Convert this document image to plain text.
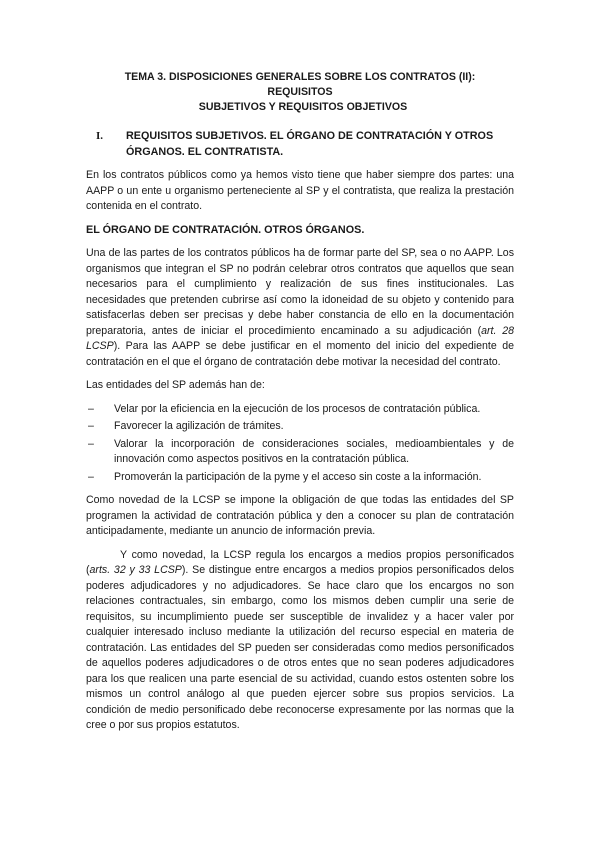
TEMA 3. DISPOSICIONES GENERALES SOBRE LOS CONTRATOS (II): REQUISITOS
SUBJETIVOS Y REQUISITOS OBJETIVOS
I.	REQUISITOS SUBJETIVOS. EL ÓRGANO DE CONTRATACIÓN Y OTROS ÓRGANOS. EL CONTRATISTA.

En los contratos públicos como ya hemos visto tiene que haber siempre dos partes: una AAPP o un ente u organismo perteneciente al SP y el contratista, que realiza la prestación contenida en el contrato.

EL ÓRGANO DE CONTRATACIÓN. OTROS ÓRGANOS.

Una de las partes de los contratos públicos ha de formar parte del SP, sea o no AAPP. Los organismos que integran el SP no podrán celebrar otros contratos que aquellos que sean necesarios para el cumplimiento y realización de sus fines institucionales. Las necesidades que pretenden cubrirse así como la idoneidad de su objeto y contenido para satisfacerlas deben ser precisas y debe haber constancia de ello en la documentación preparatoria, antes de iniciar el procedimiento encaminado a su adjudicación (art. 28 LCSP). Para las AAPP se debe justificar en el momento del inicio del expediente de contratación en el que el órgano de contratación debe motivar la necesidad del contrato.

Las entidades del SP además han de:

–	Velar por la eficiencia en la ejecución de los procesos de contratación pública.
–	Favorecer la agilización de trámites.
–	Valorar la incorporación de consideraciones sociales, medioambientales y de innovación como aspectos positivos en la contratación pública.
–	Promoverán la participación de la pyme y el acceso sin coste a la información.

Como novedad de la LCSP se impone la obligación de que todas las entidades del SP programen la actividad de contratación pública y den a conocer su plan de contratación anticipadamente, mediante un anuncio de información previa.

Y como novedad, la LCSP regula los encargos a medios propios personificados (arts. 32 y 33 LCSP). Se distingue entre encargos a medios propios personificados delos poderes adjudicadores y no adjudicadores. Se hace claro que los encargos no son relaciones contractuales, sin embargo, como los mismos deben cumplir una serie de requisitos, su incumplimiento puede ser susceptible de invalidez y a hacer valer por cualquier interesado incluso mediante la utilización del recurso especial en materia de contratación. Las entidades del SP pueden ser consideradas como medios personificados de aquellos poderes adjudicadores o de otros entes que no sean poderes adjudicadores para los que realicen una parte esencial de su actividad, cuando estos ostenten sobre los mismos un control análogo al que pueden ejercer sobre sus propios servicios. La condición de medio personificado debe reconocerse expresamente por las normas que la cree o por sus propios estatutos.
